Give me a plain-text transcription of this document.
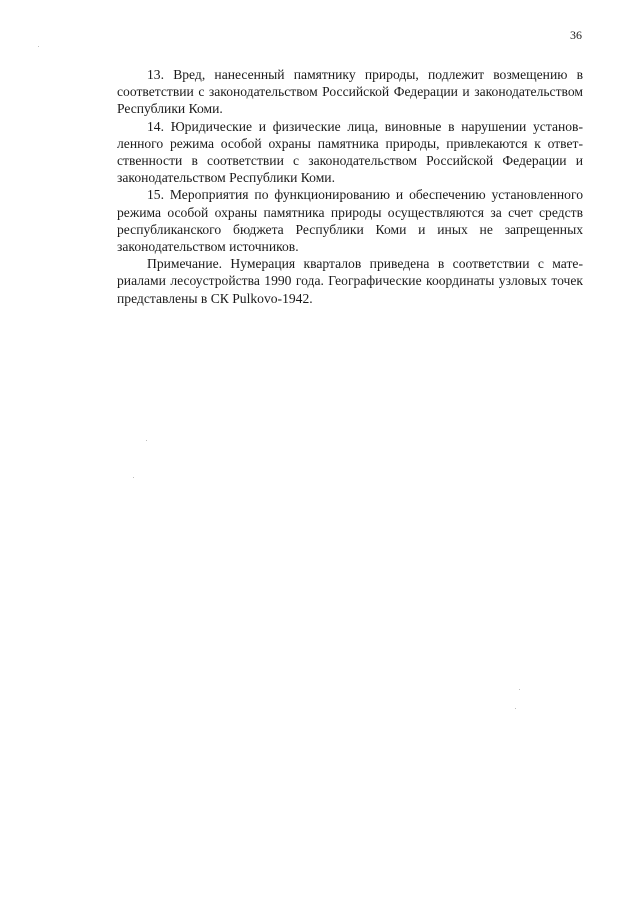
36

13. Вред, нанесенный памятнику природы, подлежит возмещению в соответствии с законодательством Российской Федерации и законодательством Республики Коми.

14. Юридические и физические лица, виновные в нарушении установленного режима особой охраны памятника природы, привлекаются к ответственности в соответствии с законодательством Российской Федерации и законодательством Республики Коми.

15. Мероприятия по функционированию и обеспечению установленного режима особой охраны памятника природы осуществляются за счет средств республиканского бюджета Республики Коми и иных не запрещенных законодательством источников.

Примечание. Нумерация кварталов приведена в соответствии с материалами лесоустройства 1990 года. Географические координаты узловых точек представлены в СК Pulkovo-1942.
